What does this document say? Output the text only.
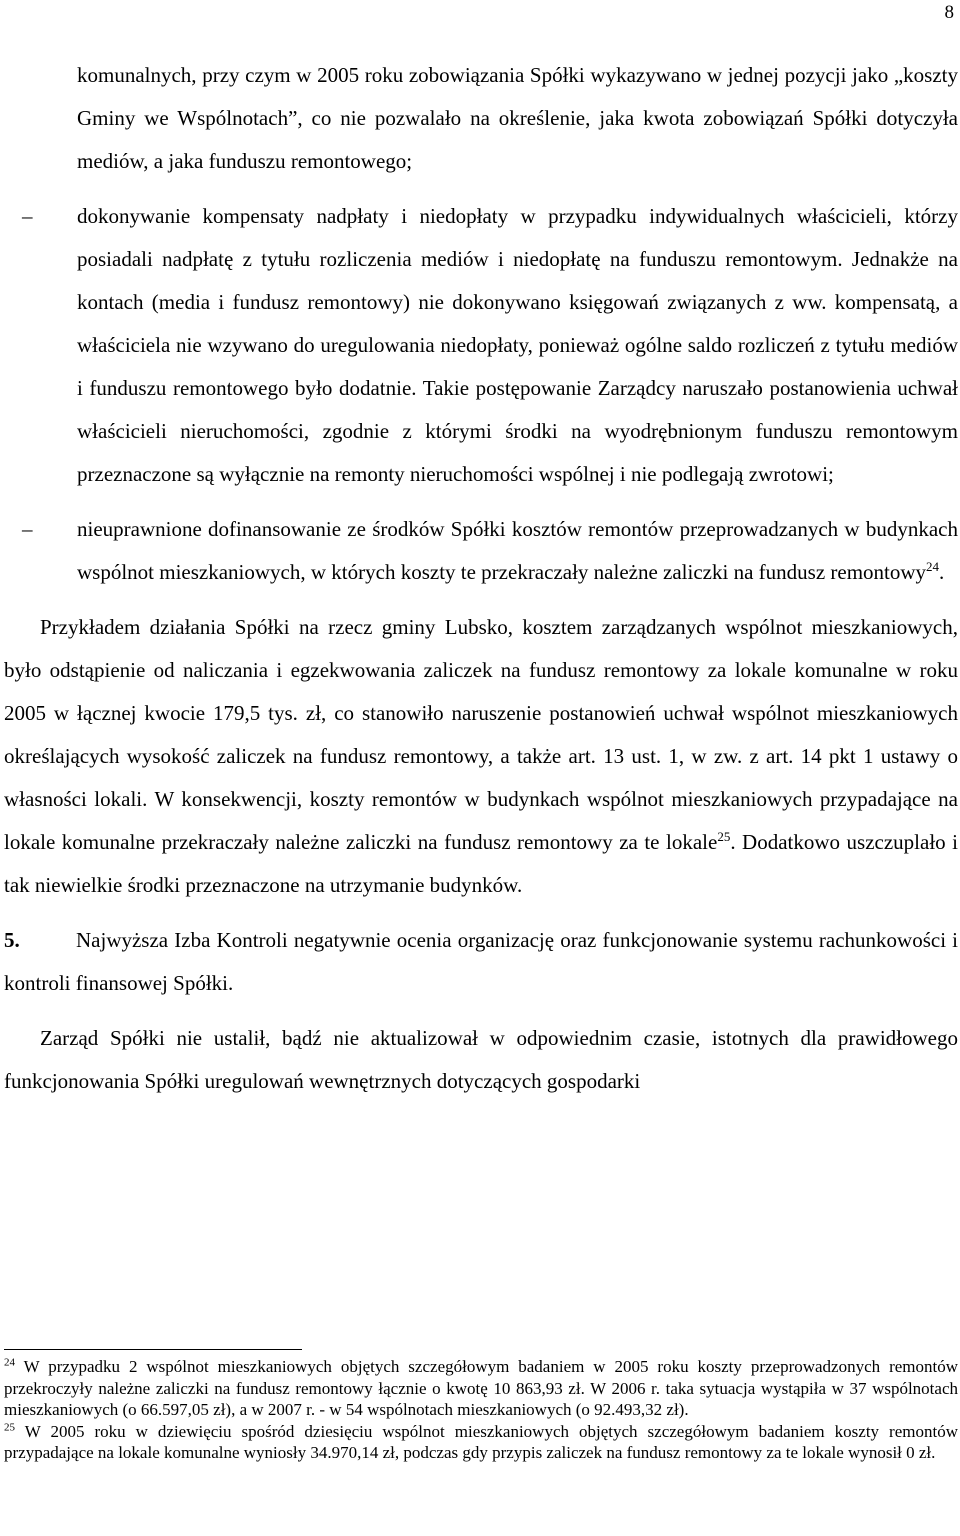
8

komunalnych, przy czym w 2005 roku zobowiązania Spółki wykazywano w jednej pozycji jako „koszty Gminy we Wspólnotach”, co nie pozwalało na określenie, jaka kwota zobowiązań Spółki dotyczyła mediów, a jaka funduszu remontowego;

– dokonywanie kompensaty nadpłaty i niedopłaty w przypadku indywidualnych właścicieli, którzy posiadali nadpłatę z tytułu rozliczenia mediów i niedopłatę na funduszu remontowym. Jednakże na kontach (media i fundusz remontowy) nie dokonywano księgowań związanych z ww. kompensatą, a właściciela nie wzywano do uregulowania niedopłaty, ponieważ ogólne saldo rozliczeń z tytułu mediów i funduszu remontowego było dodatnie. Takie postępowanie Zarządcy naruszało postanowienia uchwał właścicieli nieruchomości, zgodnie z którymi środki na wyodrębnionym funduszu remontowym przeznaczone są wyłącznie na remonty nieruchomości wspólnej i nie podlegają zwrotowi;

– nieuprawnione dofinansowanie ze środków Spółki kosztów remontów przeprowadzanych w budynkach wspólnot mieszkaniowych, w których koszty te przekraczały należne zaliczki na fundusz remontowy$^{24}$.

Przykładem działania Spółki na rzecz gminy Lubsko, kosztem zarządzanych wspólnot mieszkaniowych, było odstąpienie od naliczania i egzekwowania zaliczek na fundusz remontowy za lokale komunalne w roku 2005 w łącznej kwocie 179,5 tys. zł, co stanowiło naruszenie postanowień uchwał wspólnot mieszkaniowych określających wysokość zaliczek na fundusz remontowy, a także art. 13 ust. 1, w zw. z art. 14 pkt 1 ustawy o własności lokali. W konsekwencji, koszty remontów w budynkach wspólnot mieszkaniowych przypadające na lokale komunalne przekraczały należne zaliczki na fundusz remontowy za te lokale$^{25}$. Dodatkowo uszczuplało i tak niewielkie środki przeznaczone na utrzymanie budynków.

5.	Najwyższa Izba Kontroli negatywnie ocenia organizację oraz funkcjonowanie systemu rachunkowości i kontroli finansowej Spółki.

Zarząd Spółki nie ustalił, bądź nie aktualizował w odpowiednim czasie, istotnych dla prawidłowego funkcjonowania Spółki uregulowań wewnętrznych dotyczących gospodarki

$^{24}$ W przypadku 2 wspólnot mieszkaniowych objętych szczegółowym badaniem w 2005 roku koszty przeprowadzonych remontów przekroczyły należne zaliczki na fundusz remontowy łącznie o kwotę 10 863,93 zł. W 2006 r. taka sytuacja wystąpiła w 37 wspólnotach mieszkaniowych (o 66.597,05 zł), a w 2007 r. - w 54 wspólnotach mieszkaniowych (o 92.493,32 zł).

$^{25}$ W 2005 roku w dziewięciu spośród dziesięciu wspólnot mieszkaniowych objętych szczegółowym badaniem koszty remontów przypadające na lokale komunalne wyniosły 34.970,14 zł, podczas gdy przypis zaliczek na fundusz remontowy za te lokale wynosił 0 zł.
